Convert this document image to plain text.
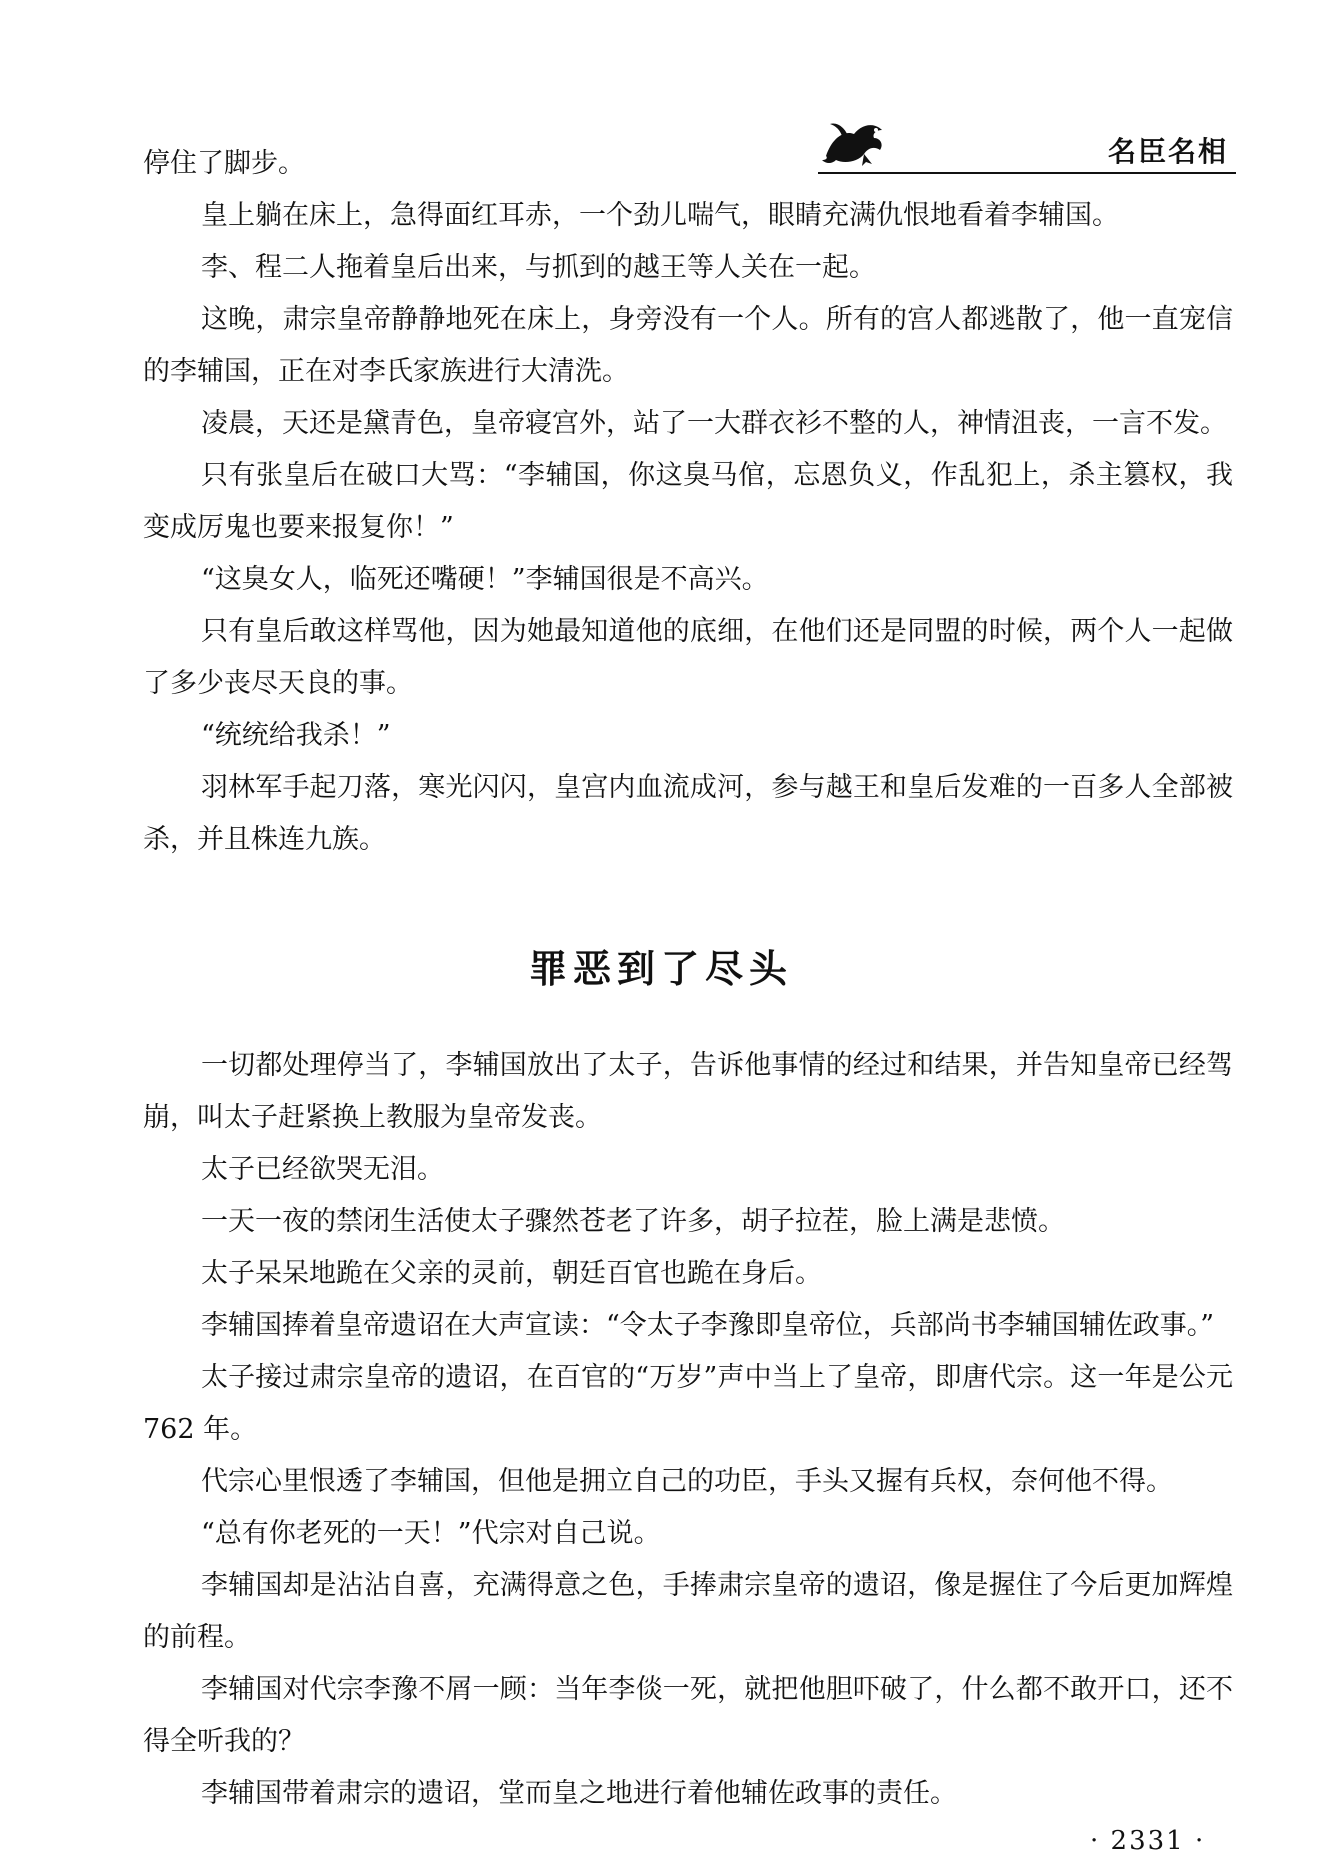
名臣名相

停住了脚步。

皇上躺在床上，急得面红耳赤，一个劲儿喘气，眼睛充满仇恨地看着李辅国。

李、程二人拖着皇后出来，与抓到的越王等人关在一起。

这晚，肃宗皇帝静静地死在床上，身旁没有一个人。所有的宫人都逃散了，他一直宠信的李辅国，正在对李氏家族进行大清洗。

凌晨，天还是黛青色，皇帝寝宫外，站了一大群衣衫不整的人，神情沮丧，一言不发。

只有张皇后在破口大骂：“李辅国，你这臭马倌，忘恩负义，作乱犯上，杀主篡权，我变成厉鬼也要来报复你！”

“这臭女人，临死还嘴硬！”李辅国很是不高兴。

只有皇后敢这样骂他，因为她最知道他的底细，在他们还是同盟的时候，两个人一起做了多少丧尽天良的事。

“统统给我杀！”

羽林军手起刀落，寒光闪闪，皇宫内血流成河，参与越王和皇后发难的一百多人全部被杀，并且株连九族。

罪恶到了尽头

一切都处理停当了，李辅国放出了太子，告诉他事情的经过和结果，并告知皇帝已经驾崩，叫太子赶紧换上教服为皇帝发丧。

太子已经欲哭无泪。

一天一夜的禁闭生活使太子骤然苍老了许多，胡子拉茬，脸上满是悲愤。

太子呆呆地跪在父亲的灵前，朝廷百官也跪在身后。

李辅国捧着皇帝遗诏在大声宣读：“令太子李豫即皇帝位，兵部尚书李辅国辅佐政事。”

太子接过肃宗皇帝的遗诏，在百官的“万岁”声中当上了皇帝，即唐代宗。这一年是公元 762 年。

代宗心里恨透了李辅国，但他是拥立自己的功臣，手头又握有兵权，奈何他不得。

“总有你老死的一天！”代宗对自己说。

李辅国却是沾沾自喜，充满得意之色，手捧肃宗皇帝的遗诏，像是握住了今后更加辉煌的前程。

李辅国对代宗李豫不屑一顾：当年李倓一死，就把他胆吓破了，什么都不敢开口，还不得全听我的？

李辅国带着肃宗的遗诏，堂而皇之地进行着他辅佐政事的责任。

· 2331 ·
